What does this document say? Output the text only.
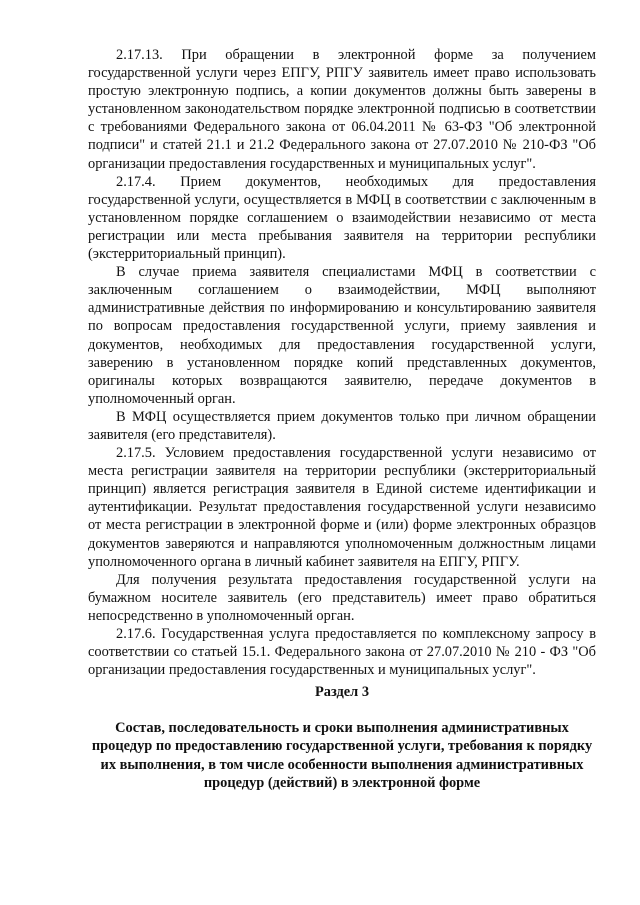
2.17.13. При обращении в электронной форме за получением государственной услуги через ЕПГУ, РПГУ заявитель имеет право использовать простую электронную подпись, а копии документов должны быть заверены в установленном законодательством порядке электронной подписью в соответствии с требованиями Федерального закона от 06.04.2011 № 63-ФЗ "Об электронной подписи" и статей 21.1 и 21.2 Федерального закона от 27.07.2010 № 210-ФЗ "Об организации предоставления государственных и муниципальных услуг".

2.17.4. Прием документов, необходимых для предоставления государственной услуги, осуществляется в МФЦ в соответствии с заключенным в установленном порядке соглашением о взаимодействии независимо от места регистрации или места пребывания заявителя на территории республики (экстерриториальный принцип).

В случае приема заявителя специалистами МФЦ в соответствии с заключенным соглашением о взаимодействии, МФЦ выполняют административные действия по информированию и консультированию заявителя по вопросам предоставления государственной услуги, приему заявления и документов, необходимых для предоставления государственной услуги, заверению в установленном порядке копий представленных документов, оригиналы которых возвращаются заявителю, передаче документов в уполномоченный орган.

В МФЦ осуществляется прием документов только при личном обращении заявителя (его представителя).

2.17.5. Условием предоставления государственной услуги независимо от места регистрации заявителя на территории республики (экстерриториальный принцип) является регистрация заявителя в Единой системе идентификации и аутентификации. Результат предоставления государственной услуги независимо от места регистрации в электронной форме и (или) форме электронных образцов документов заверяются и направляются уполномоченным должностным лицами уполномоченного органа в личный кабинет заявителя на ЕПГУ, РПГУ.

Для получения результата предоставления государственной услуги на бумажном носителе заявитель (его представитель) имеет право обратиться непосредственно в уполномоченный орган.

2.17.6. Государственная услуга предоставляется по комплексному запросу в соответствии со статьей 15.1. Федерального закона от 27.07.2010 № 210 - ФЗ "Об организации предоставления государственных и муниципальных услуг".

Раздел 3
Состав, последовательность и сроки выполнения административных процедур по предоставлению государственной услуги, требования к порядку их выполнения, в том числе особенности выполнения административных процедур (действий) в электронной форме
